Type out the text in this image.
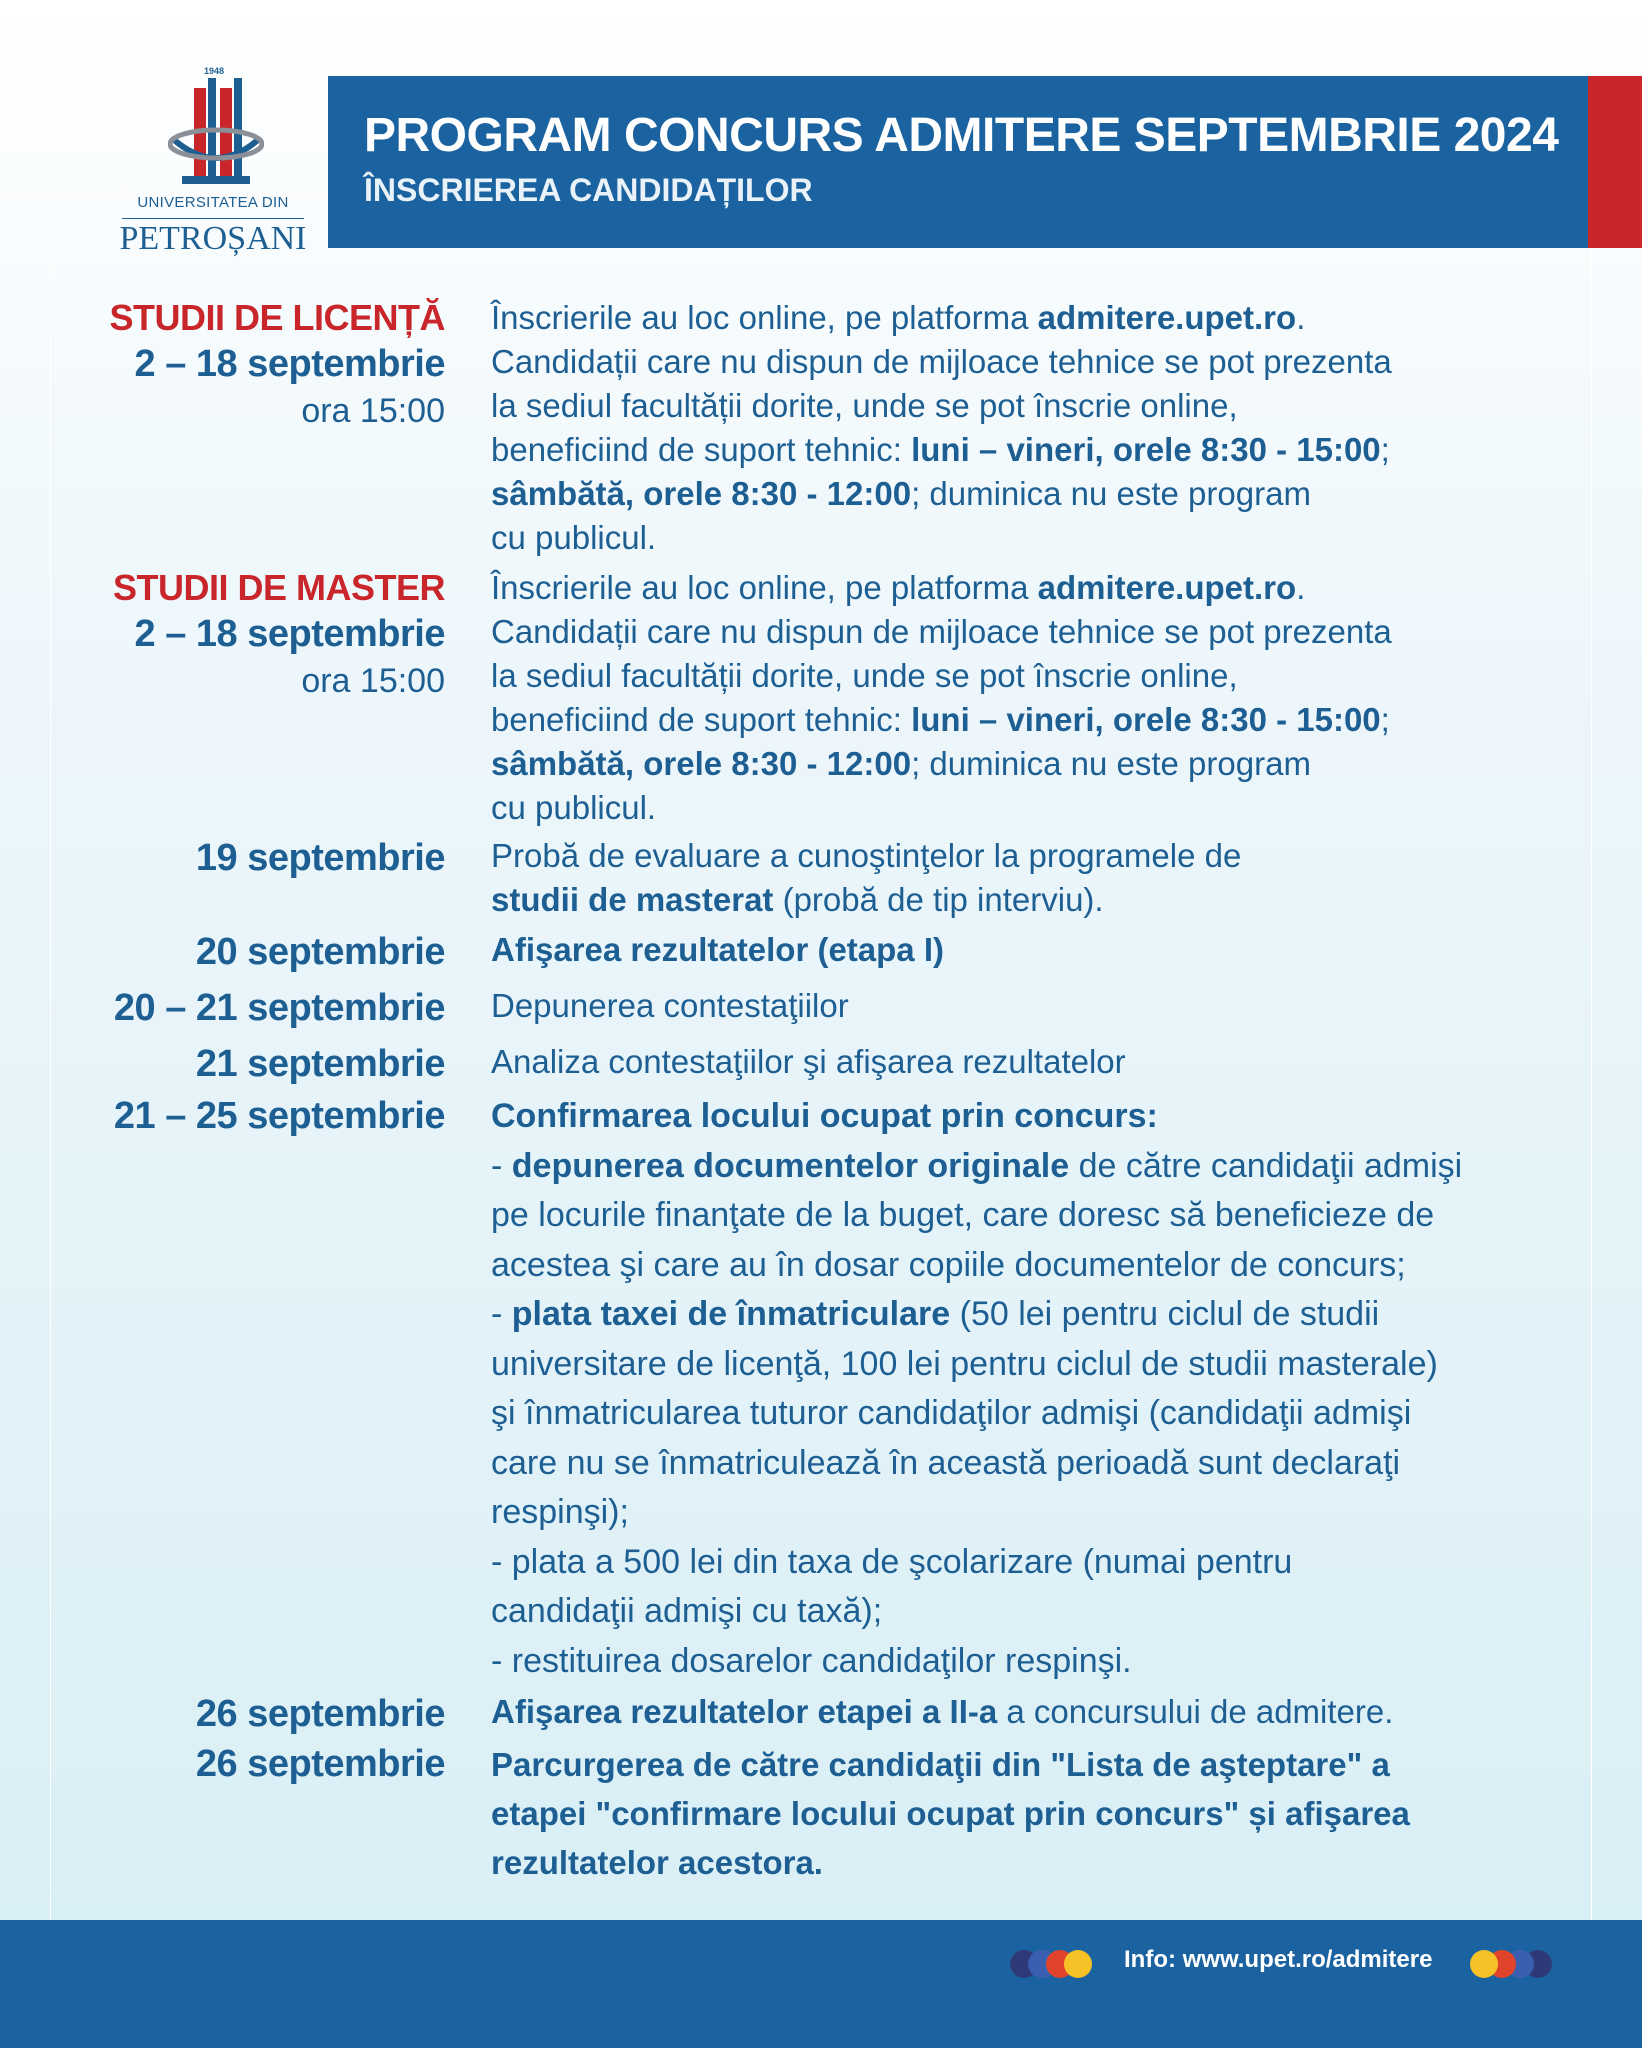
1948
UNIVERSITATEA DIN
PETROȘANI
PROGRAM CONCURS ADMITERE SEPTEMBRIE 2024
ÎNSCRIEREA CANDIDAȚILOR
STUDII DE LICENȚĂ
2 – 18 septembrie
ora 15:00
Înscrierile au loc online, pe platforma admitere.upet.ro.
Candidații care nu dispun de mijloace tehnice se pot prezenta
la sediul facultății dorite, unde se pot înscrie online,
beneficiind de suport tehnic: luni – vineri, orele 8:30 - 15:00;
sâmbătă, orele 8:30 - 12:00; duminica nu este program
cu publicul.
STUDII DE MASTER
2 – 18 septembrie
ora 15:00
Înscrierile au loc online, pe platforma admitere.upet.ro.
Candidații care nu dispun de mijloace tehnice se pot prezenta
la sediul facultății dorite, unde se pot înscrie online,
beneficiind de suport tehnic: luni – vineri, orele 8:30 - 15:00;
sâmbătă, orele 8:30 - 12:00; duminica nu este program
cu publicul.
19 septembrie Probă de evaluare a cunoştinţelor la programele de
studii de masterat (probă de tip interviu).
20 septembrie Afişarea rezultatelor (etapa I)
20 – 21 septembrie Depunerea contestaţiilor
21 septembrie Analiza contestaţiilor şi afişarea rezultatelor
21 – 25 septembrie Confirmarea locului ocupat prin concurs:
- depunerea documentelor originale de către candidaţii admişi
pe locurile finanţate de la buget, care doresc să beneficieze de
acestea şi care au în dosar copiile documentelor de concurs;
- plata taxei de înmatriculare (50 lei pentru ciclul de studii
universitare de licenţă, 100 lei pentru ciclul de studii masterale)
şi înmatricularea tuturor candidaţilor admişi (candidaţii admişi
care nu se înmatriculează în această perioadă sunt declaraţi
respinşi);
- plata a 500 lei din taxa de şcolarizare (numai pentru
candidaţii admişi cu taxă);
- restituirea dosarelor candidaţilor respinşi.
26 septembrie Afişarea rezultatelor etapei a II-a a concursului de admitere.
26 septembrie Parcurgerea de către candidaţii din "Lista de aşteptare" a
etapei "confirmare locului ocupat prin concurs" și afişarea
rezultatelor acestora.
Info: www.upet.ro/admitere
